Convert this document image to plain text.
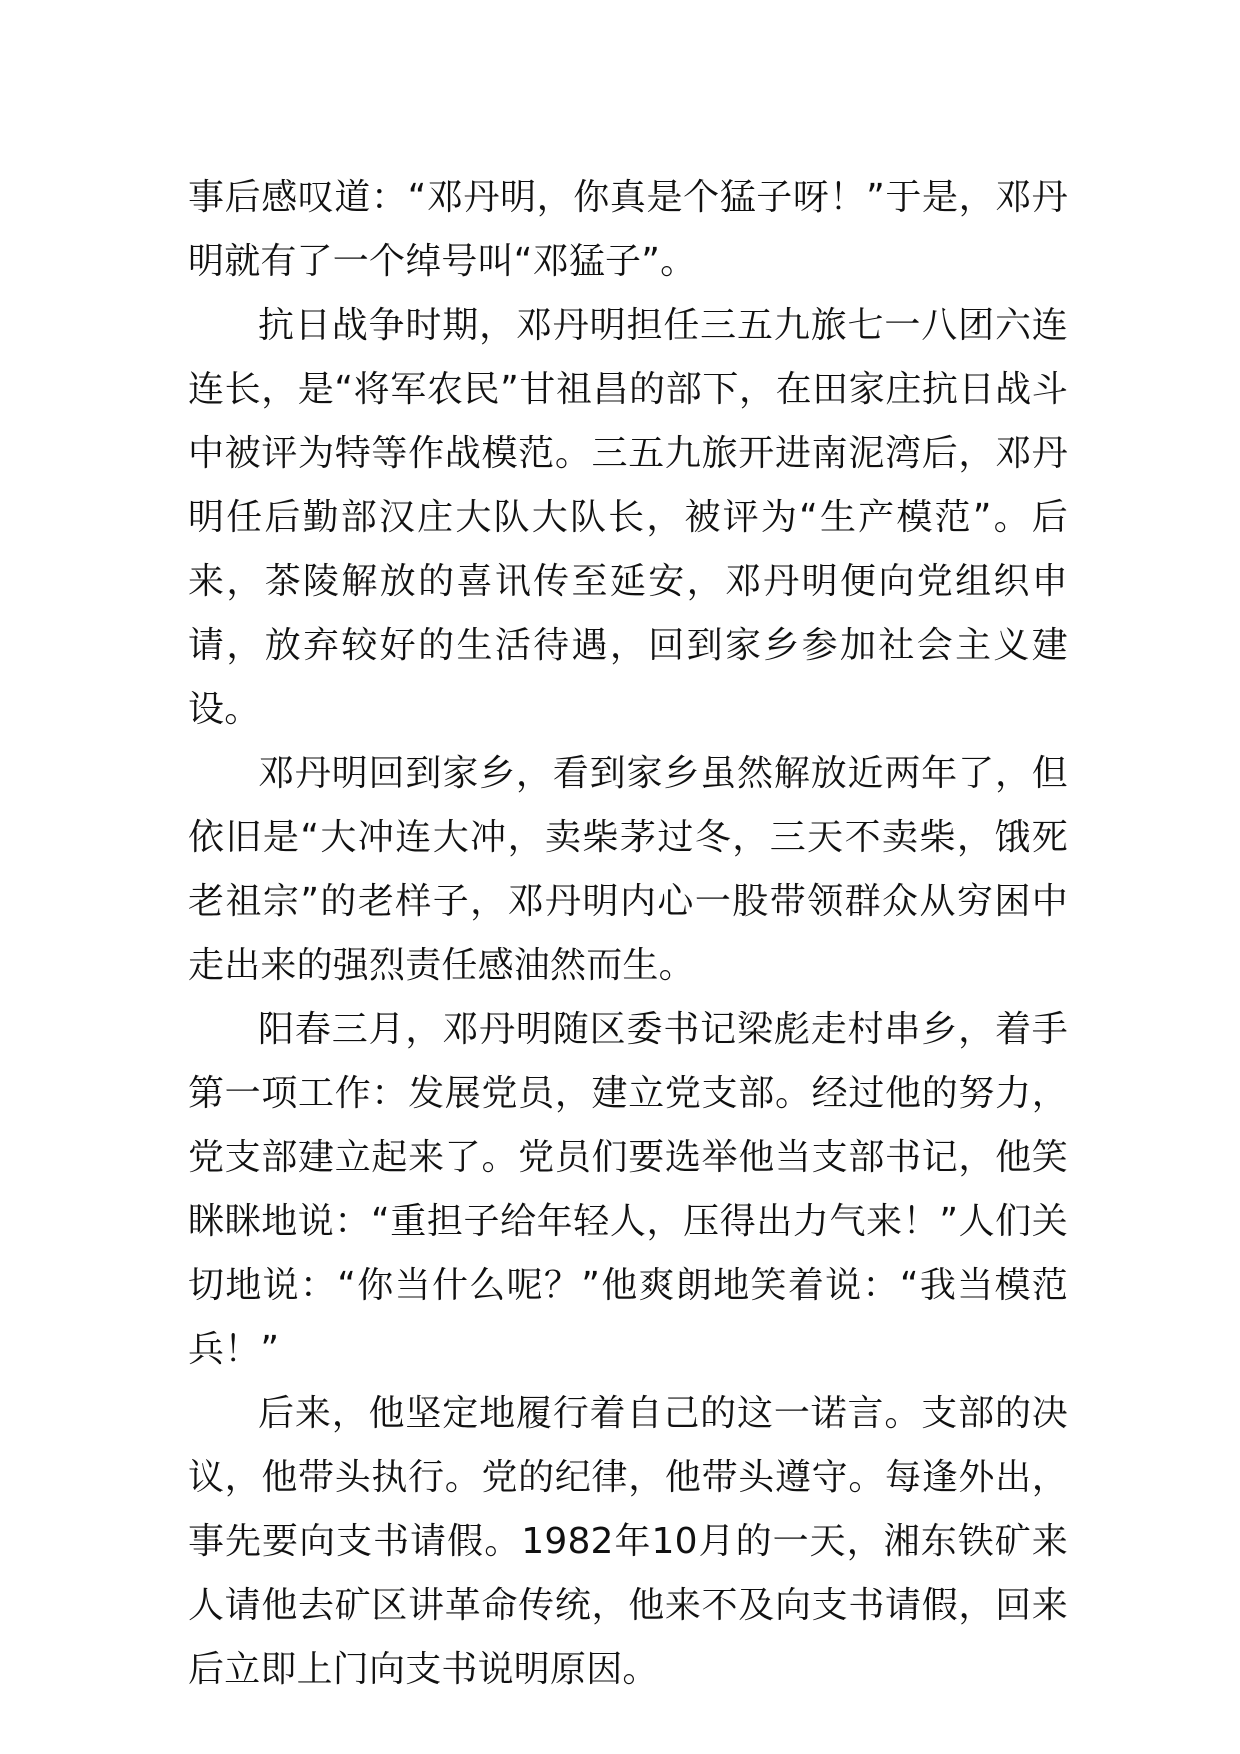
事后感叹道：“邓丹明，你真是个猛子呀！”于是，邓丹明就有了一个绰号叫“邓猛子”。

抗日战争时期，邓丹明担任三五九旅七一八团六连连长，是“将军农民”甘祖昌的部下，在田家庄抗日战斗中被评为特等作战模范。三五九旅开进南泥湾后，邓丹明任后勤部汉庄大队大队长，被评为“生产模范”。后来，茶陵解放的喜讯传至延安，邓丹明便向党组织申请，放弃较好的生活待遇，回到家乡参加社会主义建设。

邓丹明回到家乡，看到家乡虽然解放近两年了，但依旧是“大冲连大冲，卖柴茅过冬，三天不卖柴，饿死老祖宗”的老样子，邓丹明内心一股带领群众从穷困中走出来的强烈责任感油然而生。

阳春三月，邓丹明随区委书记梁彪走村串乡，着手第一项工作：发展党员，建立党支部。经过他的努力，党支部建立起来了。党员们要选举他当支部书记，他笑眯眯地说：“重担子给年轻人，压得出力气来！”人们关切地说：“你当什么呢？”他爽朗地笑着说：“我当模范兵！”

后来，他坚定地履行着自己的这一诺言。支部的决议，他带头执行。党的纪律，他带头遵守。每逢外出，事先要向支书请假。1982年10月的一天，湘东铁矿来人请他去矿区讲革命传统，他来不及向支书请假，回来后立即上门向支书说明原因。
